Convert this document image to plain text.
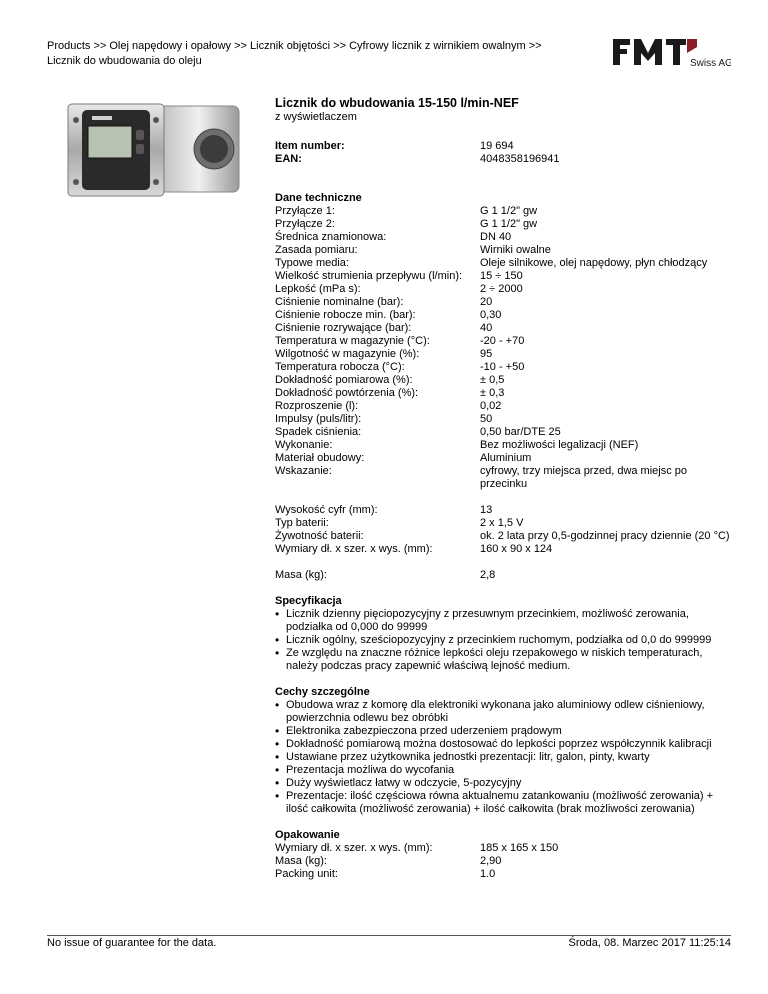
Products >> Olej napędowy i opałowy >> Licznik objętości >> Cyfrowy licznik z wirnikiem owalnym >> Licznik do wbudowania do oleju	Swiss AG
Licznik do wbudowania 15-150 l/min-NEF
z wyświetlaczem
Item number:	19 694
EAN:	4048358196941
Dane techniczne
Przyłącze 1:	G 1 1/2" gw
Przyłącze 2:	G 1 1/2" gw
Średnica znamionowa:	DN 40
Zasada pomiaru:	Wirniki owalne
Typowe media:	Oleje silnikowe, olej napędowy, płyn chłodzący
Wielkość strumienia przepływu (l/min):	15 ÷ 150
Lepkość (mPa s):	2 ÷ 2000
Ciśnienie nominalne (bar):	20
Ciśnienie robocze min. (bar):	0,30
Ciśnienie rozrywające (bar):	40
Temperatura w magazynie (°C):	-20 - +70
Wilgotność w magazynie (%):	95
Temperatura robocza (°C):	-10 - +50
Dokładność pomiarowa (%):	± 0,5
Dokładność powtórzenia (%):	± 0,3
Rozproszenie (l):	0,02
Impulsy (puls/litr):	50
Spadek ciśnienia:	0,50 bar/DTE 25
Wykonanie:	Bez możliwości legalizacji (NEF)
Materiał obudowy:	Aluminium
Wskazanie:	cyfrowy, trzy miejsca przed, dwa miejsc po przecinku
Wysokość cyfr (mm):	13
Typ baterii:	2 x 1,5 V
Żywotność baterii:	ok. 2 lata przy 0,5-godzinnej pracy dziennie (20 °C)
Wymiary dł. x szer. x wys. (mm):	160 x 90 x 124
Masa (kg):	2,8
Specyfikacja
• Licznik dzienny pięciopozycyjny z przesuwnym przecinkiem, możliwość zerowania, podziałka od 0,000 do 99999
• Licznik ogólny, sześciopozycyjny z przecinkiem ruchomym, podziałka od 0,0 do 999999
• Ze względu na znaczne różnice lepkości oleju rzepakowego w niskich temperaturach, należy podczas pracy zapewnić właściwą lejność medium.
Cechy szczególne
• Obudowa wraz z komorę dla elektroniki wykonana jako aluminiowy odlew ciśnieniowy, powierzchnia odlewu bez obróbki
• Elektronika zabezpieczona przed uderzeniem prądowym
• Dokładność pomiarową można dostosować do lepkości poprzez współczynnik kalibracji
• Ustawiane przez użytkownika jednostki prezentacji: litr, galon, pinty, kwarty
• Prezentacja możliwa do wycofania
• Duży wyświetlacz łatwy w odczycie, 5-pozycyjny
• Prezentacje: ilość częściowa równa aktualnemu zatankowaniu (możliwość zerowania) + ilość całkowita (możliwość zerowania) + ilość całkowita (brak możliwości zerowania)
Opakowanie
Wymiary dł. x szer. x wys. (mm):	185 x 165 x 150
Masa (kg):	2,90
Packing unit:	1.0
No issue of guarantee for the data.	Środa, 08. Marzec 2017 11:25:14
